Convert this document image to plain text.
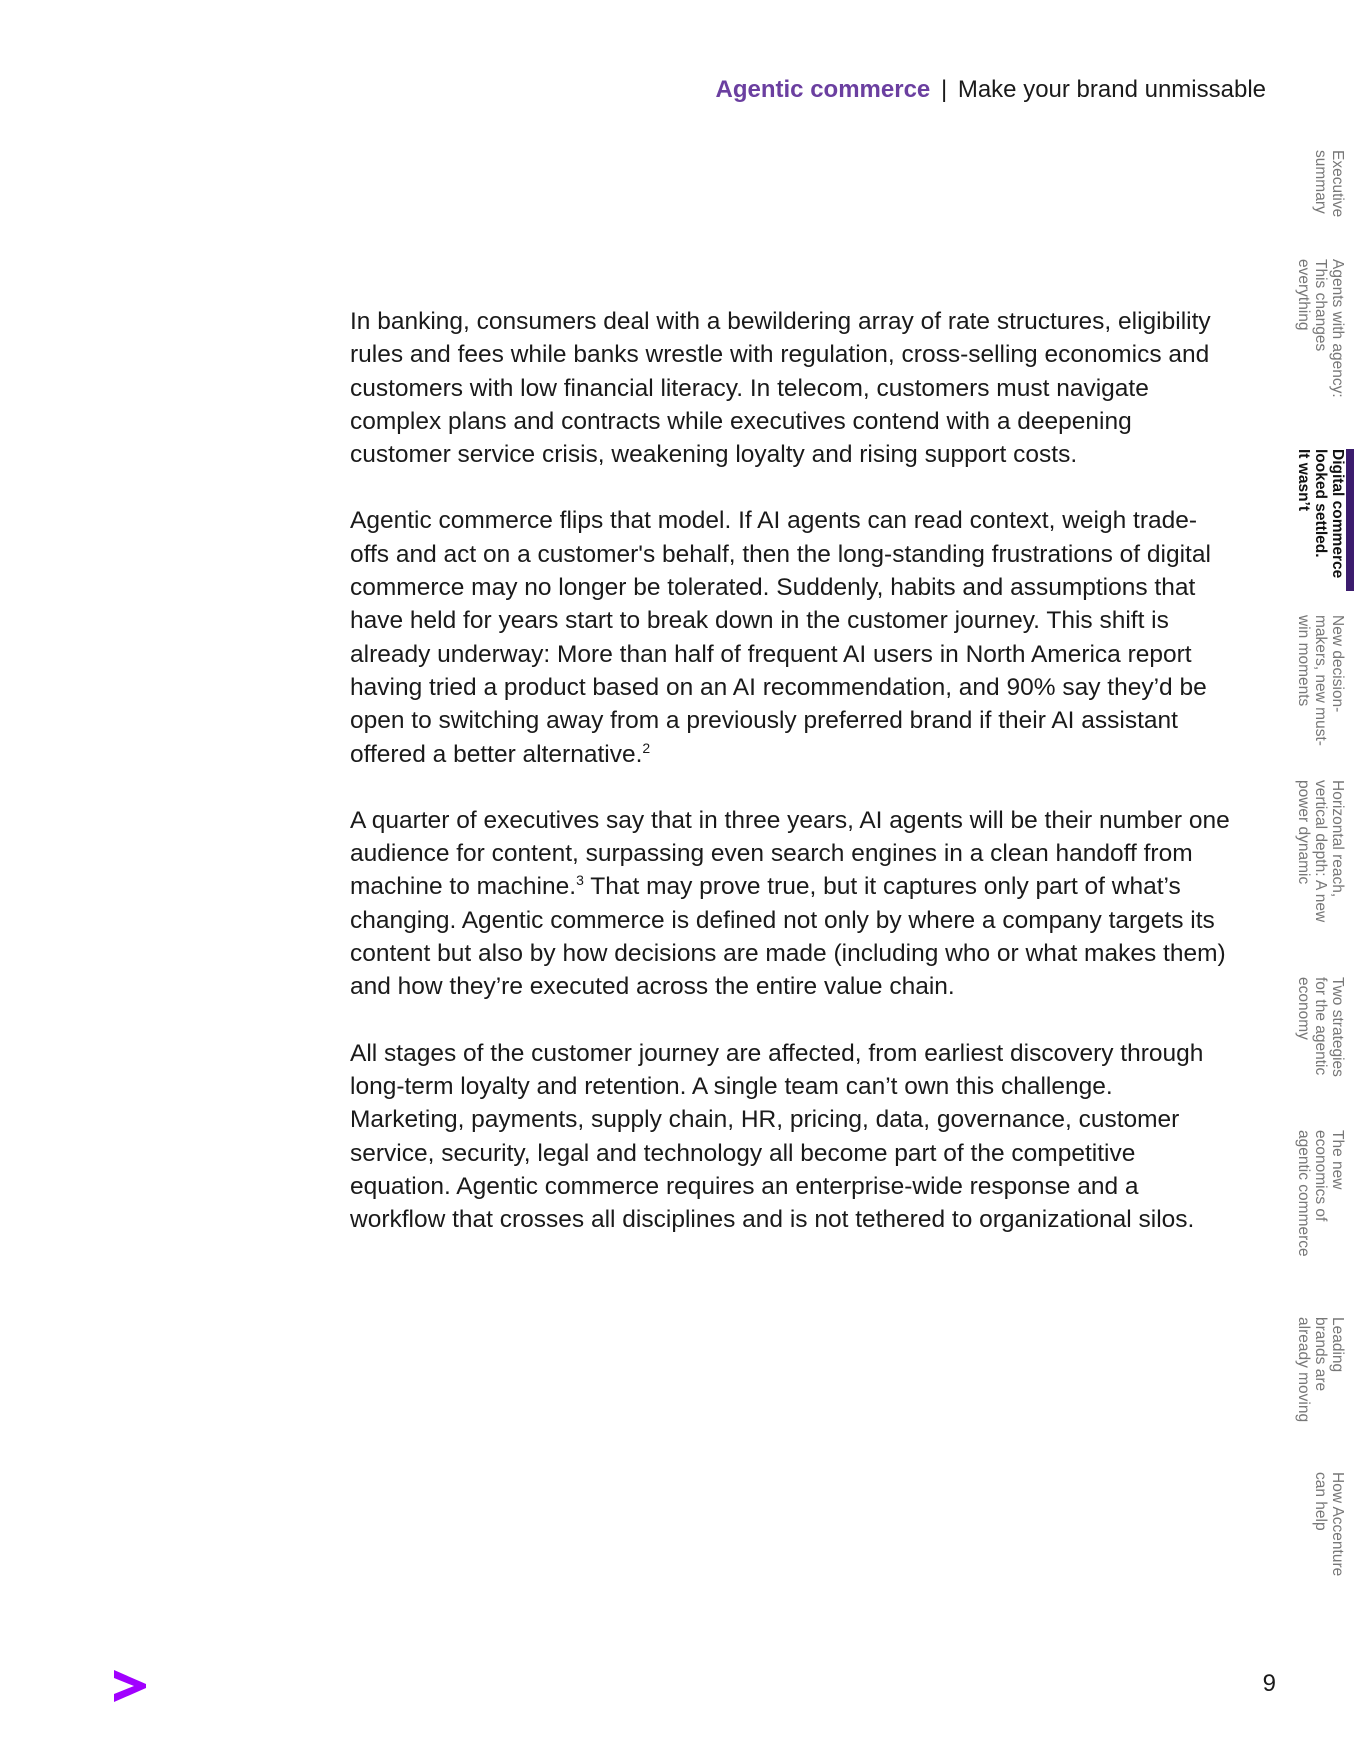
Agentic commerce | Make your brand unmissable

In banking, consumers deal with a bewildering array of rate structures, eligibility rules and fees while banks wrestle with regulation, cross-selling economics and customers with low financial literacy. In telecom, customers must navigate complex plans and contracts while executives contend with a deepening customer service crisis, weakening loyalty and rising support costs.

Agentic commerce flips that model. If AI agents can read context, weigh trade-offs and act on a customer's behalf, then the long-standing frustrations of digital commerce may no longer be tolerated. Suddenly, habits and assumptions that have held for years start to break down in the customer journey. This shift is already underway: More than half of frequent AI users in North America report having tried a product based on an AI recommendation, and 90% say they’d be open to switching away from a previously preferred brand if their AI assistant offered a better alternative.$^2$

A quarter of executives say that in three years, AI agents will be their number one audience for content, surpassing even search engines in a clean handoff from machine to machine.$^3$ That may prove true, but it captures only part of what’s changing. Agentic commerce is defined not only by where a company targets its content but also by how decisions are made (including who or what makes them) and how they’re executed across the entire value chain.

All stages of the customer journey are affected, from earliest discovery through long-term loyalty and retention. A single team can’t own this challenge. Marketing, payments, supply chain, HR, pricing, data, governance, customer service, security, legal and technology all become part of the competitive equation. Agentic commerce requires an enterprise-wide response and a workflow that crosses all disciplines and is not tethered to organizational silos.

Executive
summary
Agents with agency:
This changes
everything
Digital commerce
looked settled.
It wasn’t
New decision-
makers, new must-
win moments
Horizontal reach,
vertical depth: A new
power dynamic
Two strategies
for the agentic
economy
The new
economics of
agentic commerce
Leading
brands are
already moving
How Accenture
can help
9
